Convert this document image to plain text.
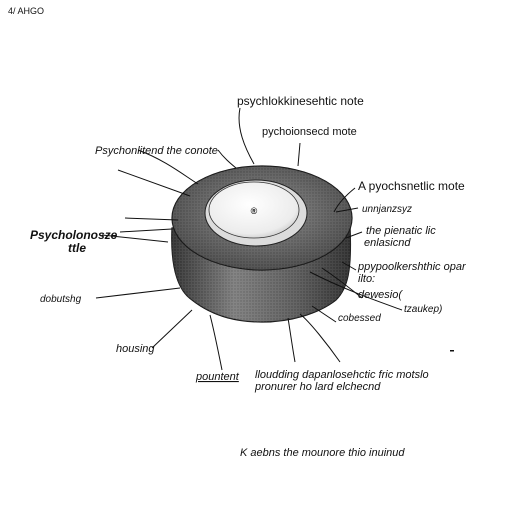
4/ AHGO
®
psychlokkinesehtic note
pychoionsecd mote
Psychonlitend the conote
Psycholonosze
ttle
dobutshg
housing
pountent lloudding dapanlosehctic fric motslo
pronurer ho lard elchecnd
A pyochsnetlic mote
unnjanzsyz
the pienatic lic
enlasicnd
ppypoolkershthic opar
ilto:
dewesio(
tzaukep)
cobessed
K aebns the mounore thio inuinud
